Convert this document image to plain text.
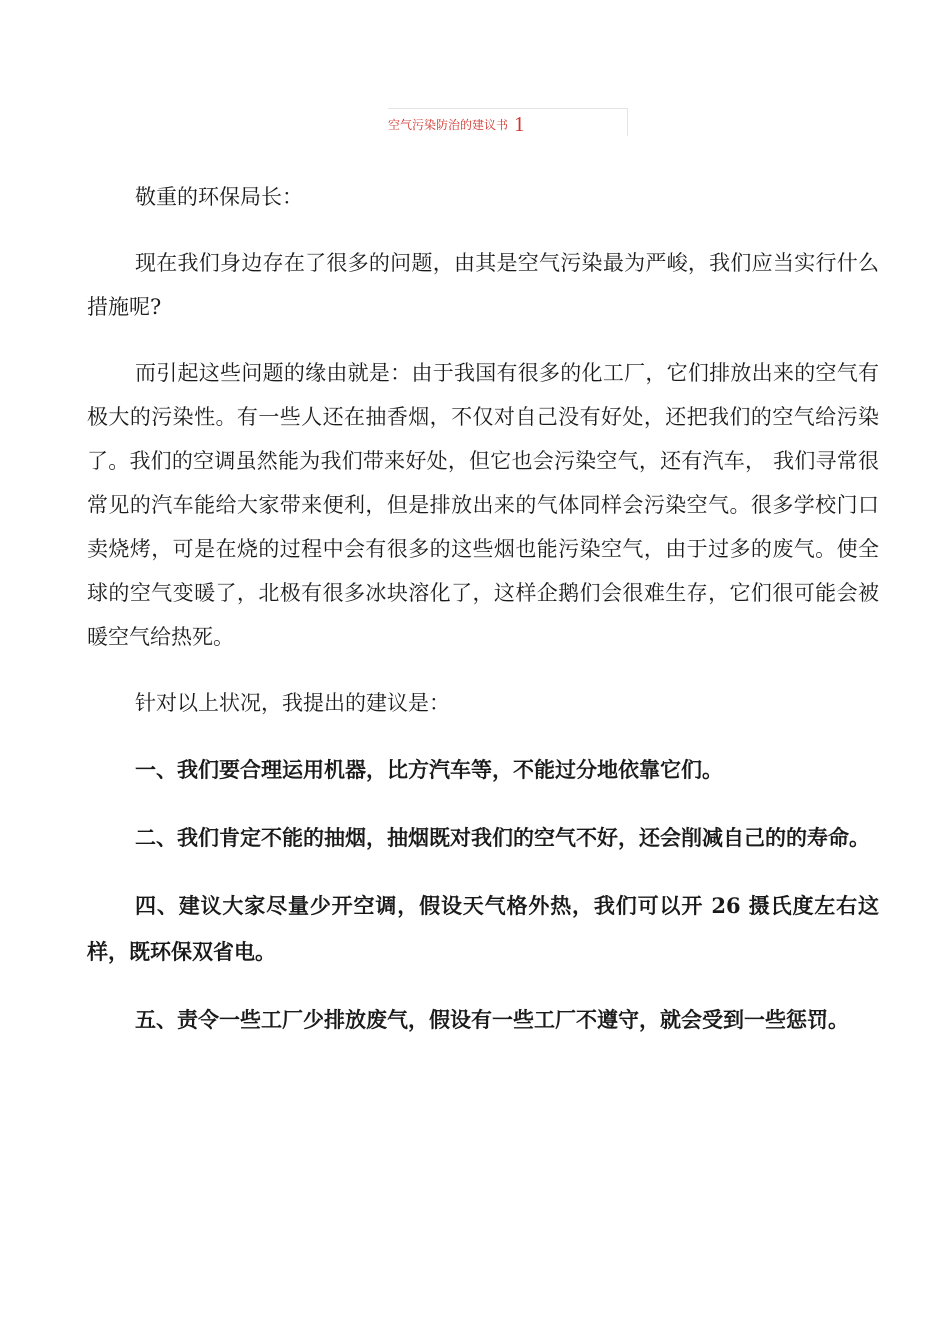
空气污染防治的建议书 1

敬重的环保局长：

现在我们身边存在了很多的问题，由其是空气污染最为严峻，我们应当实行什么措施呢?

而引起这些问题的缘由就是：由于我国有很多的化工厂，它们排放出来的空气有极大的污染性。有一些人还在抽香烟，不仅对自己没有好处，还把我们的空气给污染了。我们的空调虽然能为我们带来好处，但它也会污染空气，还有汽车， 我们寻常很常见的汽车能给大家带来便利，但是排放出来的气体同样会污染空气。很多学校门口卖烧烤，可是在烧的过程中会有很多的这些烟也能污染空气，由于过多的废气。使全球的空气变暖了，北极有很多冰块溶化了，这样企鹅们会很难生存，它们很可能会被暖空气给热死。

针对以上状况，我提出的建议是：

一、我们要合理运用机器，比方汽车等，不能过分地依靠它们。

二、我们肯定不能的抽烟，抽烟既对我们的空气不好，还会削减自己的的寿命。

四、建议大家尽量少开空调，假设天气格外热，我们可以开 26 摄氏度左右这样，既环保双省电。

五、责令一些工厂少排放废气，假设有一些工厂不遵守，就会受到一些惩罚。
